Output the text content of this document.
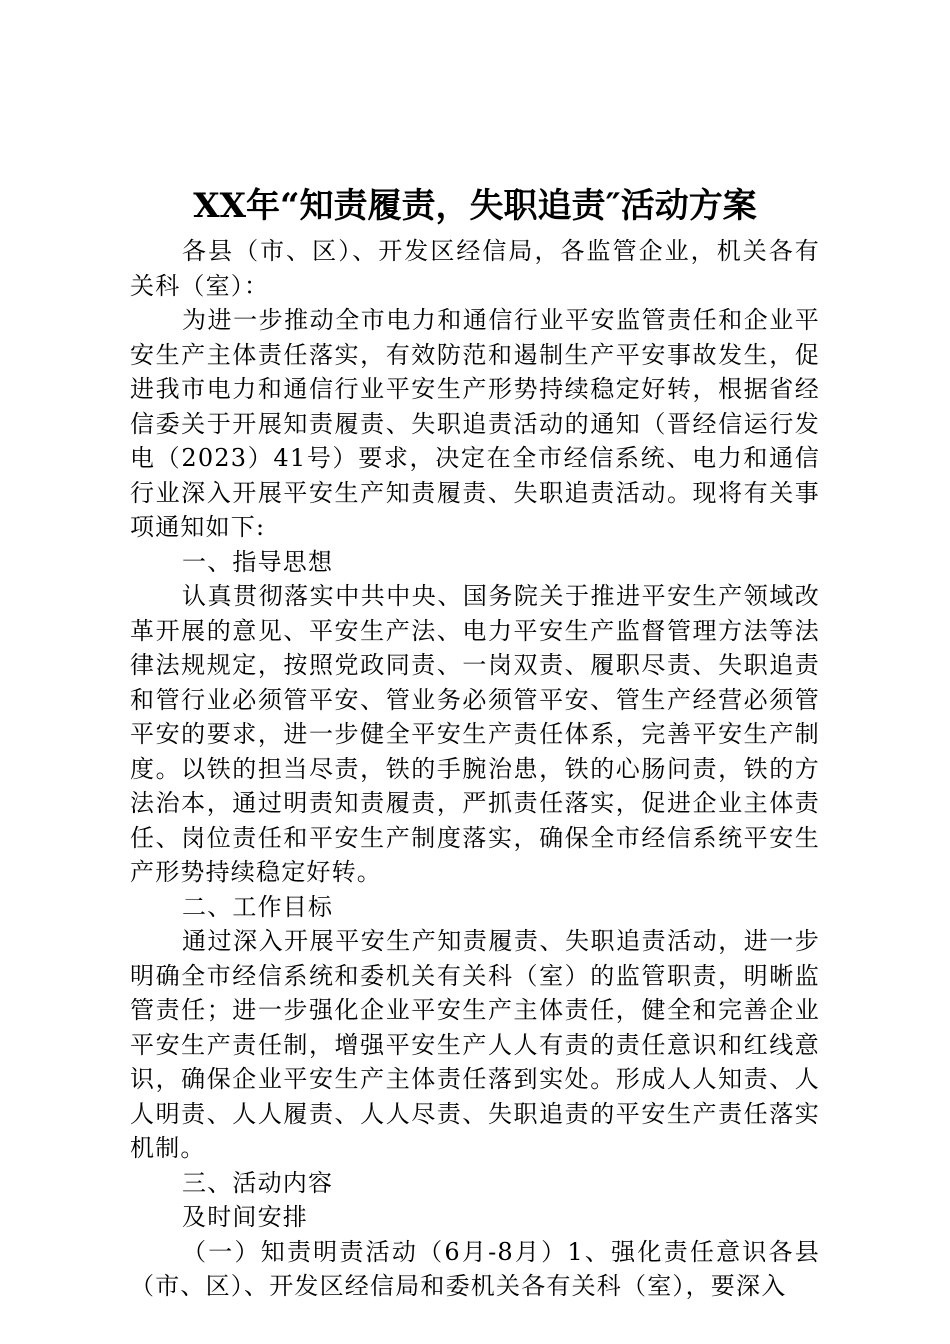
XX年“知责履责，失职追责″活动方案

各县（市、区）、开发区经信局，各监管企业，机关各有关科（室）：

为进一步推动全市电力和通信行业平安监管责任和企业平安生产主体责任落实，有效防范和遏制生产平安事故发生，促进我市电力和通信行业平安生产形势持续稳定好转，根据省经信委关于开展知责履责、失职追责活动的通知（晋经信运行发电（2023）41号）要求，决定在全市经信系统、电力和通信行业深入开展平安生产知责履责、失职追责活动。现将有关事项通知如下:

一、指导思想

认真贯彻落实中共中央、国务院关于推进平安生产领域改革开展的意见、平安生产法、电力平安生产监督管理方法等法律法规规定，按照党政同责、一岗双责、履职尽责、失职追责和管行业必须管平安、管业务必须管平安、管生产经营必须管平安的要求，进一步健全平安生产责任体系，完善平安生产制度。以铁的担当尽责，铁的手腕治患，铁的心肠问责，铁的方法治本，通过明责知责履责，严抓责任落实，促进企业主体责任、岗位责任和平安生产制度落实，确保全市经信系统平安生产形势持续稳定好转。

二、工作目标

通过深入开展平安生产知责履责、失职追责活动，进一步明确全市经信系统和委机关有关科（室）的监管职责，明晰监管责任；进一步强化企业平安生产主体责任，健全和完善企业平安生产责任制，增强平安生产人人有责的责任意识和红线意识，确保企业平安生产主体责任落到实处。形成人人知责、人人明责、人人履责、人人尽责、失职追责的平安生产责任落实机制。

三、活动内容

及时间安排

（一）知责明责活动（6月-8月）1、强化责任意识各县（市、区）、开发区经信局和委机关各有关科（室），要深入
